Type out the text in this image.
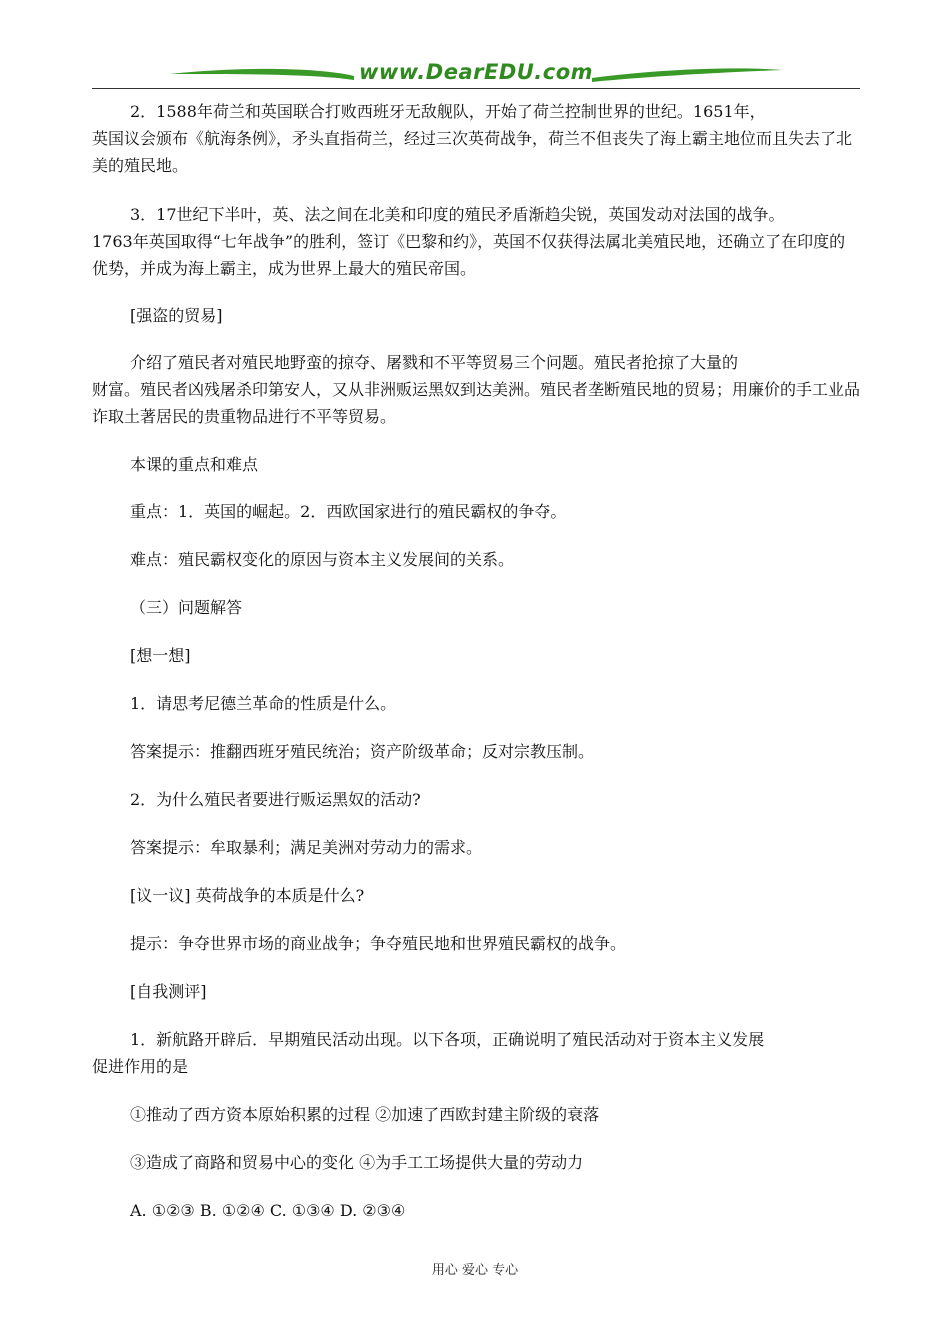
www.DearEDU.com

2．1588年荷兰和英国联合打败西班牙无敌舰队，开始了荷兰控制世界的世纪。1651年，

英国议会颁布《航海条例》，矛头直指荷兰，经过三次英荷战争，荷兰不但丧失了海上霸主地位而且失去了北美的殖民地。

3．17世纪下半叶，英、法之间在北美和印度的殖民矛盾渐趋尖锐，英国发动对法国的战争。

1763年英国取得“七年战争”的胜利，签订《巴黎和约》，英国不仅获得法属北美殖民地，还确立了在印度的优势，并成为海上霸主，成为世界上最大的殖民帝国。

[强盗的贸易]

介绍了殖民者对殖民地野蛮的掠夺、屠戮和不平等贸易三个问题。殖民者抢掠了大量的

财富。殖民者凶残屠杀印第安人，又从非洲贩运黑奴到达美洲。殖民者垄断殖民地的贸易；用廉价的手工业品诈取土著居民的贵重物品进行不平等贸易。

本课的重点和难点

重点：1．英国的崛起。2．西欧国家进行的殖民霸权的争夺。

难点：殖民霸权变化的原因与资本主义发展间的关系。

（三）问题解答

[想一想]

1．请思考尼德兰革命的性质是什么。

答案提示：推翻西班牙殖民统治；资产阶级革命；反对宗教压制。

2．为什么殖民者要进行贩运黑奴的活动?

答案提示：牟取暴利；满足美洲对劳动力的需求。

[议一议] 英荷战争的本质是什么?

提示：争夺世界市场的商业战争；争夺殖民地和世界殖民霸权的战争。

[自我测评]

1．新航路开辟后．早期殖民活动出现。以下各项，正确说明了殖民活动对于资本主义发展

促进作用的是

①推动了西方资本原始积累的过程 ②加速了西欧封建主阶级的衰落

③造成了商路和贸易中心的变化 ④为手工工场提供大量的劳动力

A. ①②③ B. ①②④ C. ①③④ D. ②③④

用心 爱心 专心
